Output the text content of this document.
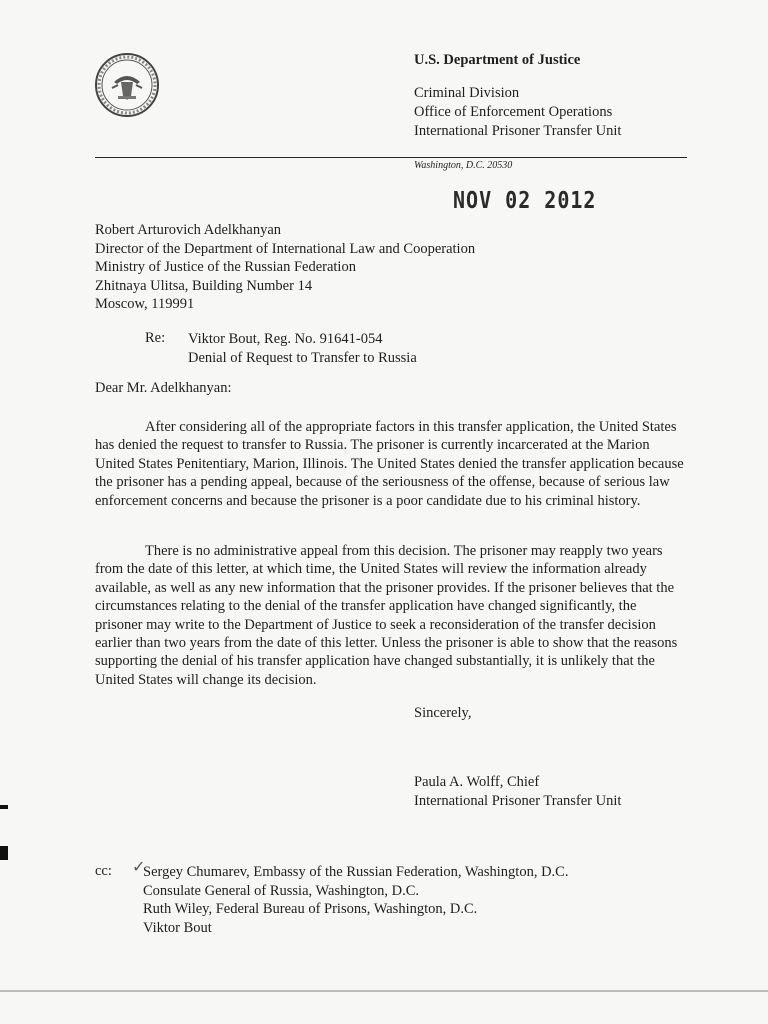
U.S. Department of Justice
Criminal Division
Office of Enforcement Operations
International Prisoner Transfer Unit
Washington, D.C. 20530
NOV 02 2012
Robert Arturovich Adelkhanyan
Director of the Department of International Law and Cooperation
Ministry of Justice of the Russian Federation
Zhitnaya Ulitsa, Building Number 14
Moscow, 119991
Re: Viktor Bout, Reg. No. 91641-054
Denial of Request to Transfer to Russia
Dear Mr. Adelkhanyan:

After considering all of the appropriate factors in this transfer application, the United States has denied the request to transfer to Russia. The prisoner is currently incarcerated at the Marion United States Penitentiary, Marion, Illinois. The United States denied the transfer application because the prisoner has a pending appeal, because of the seriousness of the offense, because of serious law enforcement concerns and because the prisoner is a poor candidate due to his criminal history.

There is no administrative appeal from this decision. The prisoner may reapply two years from the date of this letter, at which time, the United States will review the information already available, as well as any new information that the prisoner provides. If the prisoner believes that the circumstances relating to the denial of the transfer application have changed significantly, the prisoner may write to the Department of Justice to seek a reconsideration of the transfer decision earlier than two years from the date of this letter. Unless the prisoner is able to show that the reasons supporting the denial of his transfer application have changed substantially, it is unlikely that the United States will change its decision.

Sincerely,
Paula A. Wolff, Chief
International Prisoner Transfer Unit
cc: ✓
Sergey Chumarev, Embassy of the Russian Federation, Washington, D.C.
Consulate General of Russia, Washington, D.C.
Ruth Wiley, Federal Bureau of Prisons, Washington, D.C.
Viktor Bout
